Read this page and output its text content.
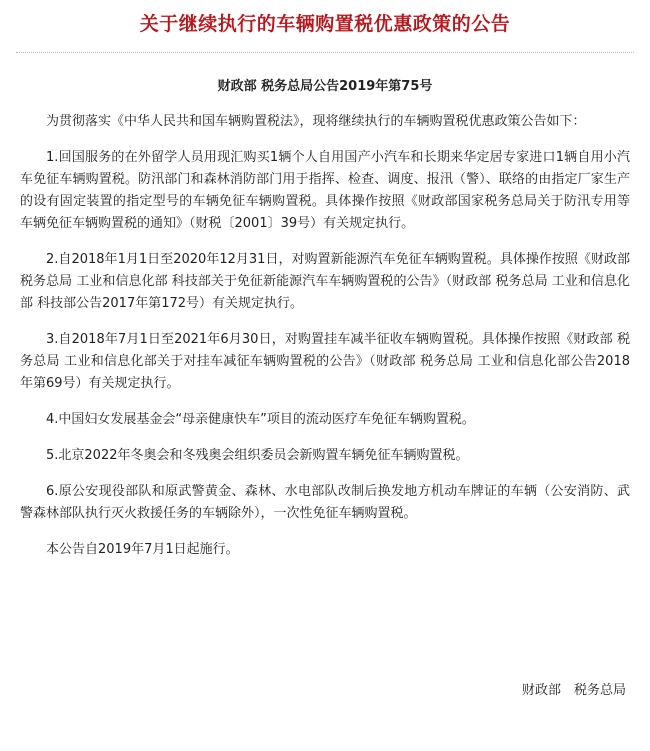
关于继续执行的车辆购置税优惠政策的公告
财政部 税务总局公告2019年第75号

为贯彻落实《中华人民共和国车辆购置税法》，现将继续执行的车辆购置税优惠政策公告如下：

1.回国服务的在外留学人员用现汇购买1辆个人自用国产小汽车和长期来华定居专家进口1辆自用小汽车免征车辆购置税。防汛部门和森林消防部门用于指挥、检查、调度、报汛（警）、联络的由指定厂家生产的设有固定装置的指定型号的车辆免征车辆购置税。具体操作按照《财政部国家税务总局关于防汛专用等车辆免征车辆购置税的通知》（财税〔2001〕39号）有关规定执行。

2.自2018年1月1日至2020年12月31日，对购置新能源汽车免征车辆购置税。具体操作按照《财政部 税务总局 工业和信息化部 科技部关于免征新能源汽车车辆购置税的公告》（财政部 税务总局 工业和信息化部 科技部公告2017年第172号）有关规定执行。

3.自2018年7月1日至2021年6月30日，对购置挂车减半征收车辆购置税。具体操作按照《财政部 税务总局 工业和信息化部关于对挂车减征车辆购置税的公告》（财政部 税务总局 工业和信息化部公告2018年第69号）有关规定执行。

4.中国妇女发展基金会“母亲健康快车”项目的流动医疗车免征车辆购置税。

5.北京2022年冬奥会和冬残奥会组织委员会新购置车辆免征车辆购置税。

6.原公安现役部队和原武警黄金、森林、水电部队改制后换发地方机动车牌证的车辆（公安消防、武警森林部队执行灭火救援任务的车辆除外），一次性免征车辆购置税。

本公告自2019年7月1日起施行。

财政部　税务总局
